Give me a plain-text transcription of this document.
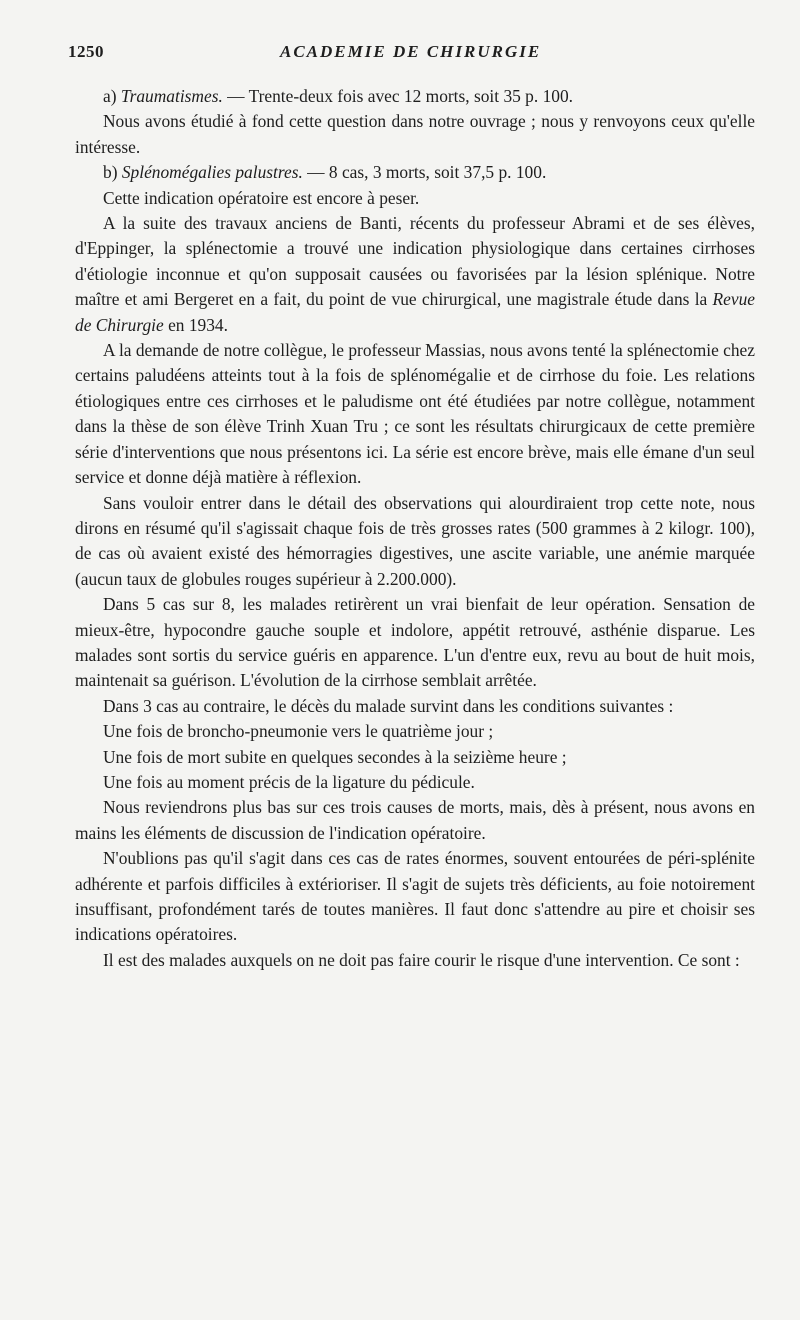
1250	ACADEMIE DE CHIRURGIE

a) Traumatismes. — Trente-deux fois avec 12 morts, soit 35 p. 100.

Nous avons étudié à fond cette question dans notre ouvrage ; nous y renvoyons ceux qu'elle intéresse.

b) Splénomégalies palustres. — 8 cas, 3 morts, soit 37,5 p. 100.

Cette indication opératoire est encore à peser.

A la suite des travaux anciens de Banti, récents du professeur Abrami et de ses élèves, d'Eppinger, la splénectomie a trouvé une indication physiologique dans certaines cirrhoses d'étiologie inconnue et qu'on supposait causées ou favorisées par la lésion splénique. Notre maître et ami Bergeret en a fait, du point de vue chirurgical, une magistrale étude dans la Revue de Chirurgie en 1934.

A la demande de notre collègue, le professeur Massias, nous avons tenté la splénectomie chez certains paludéens atteints tout à la fois de splénomégalie et de cirrhose du foie. Les relations étiologiques entre ces cirrhoses et le paludisme ont été étudiées par notre collègue, notamment dans la thèse de son élève Trinh Xuan Tru ; ce sont les résultats chirurgicaux de cette première série d'interventions que nous présentons ici. La série est encore brève, mais elle émane d'un seul service et donne déjà matière à réflexion.

Sans vouloir entrer dans le détail des observations qui alourdiraient trop cette note, nous dirons en résumé qu'il s'agissait chaque fois de très grosses rates (500 grammes à 2 kilogr. 100), de cas où avaient existé des hémorragies digestives, une ascite variable, une anémie marquée (aucun taux de globules rouges supérieur à 2.200.000).

Dans 5 cas sur 8, les malades retirèrent un vrai bienfait de leur opération. Sensation de mieux-être, hypocondre gauche souple et indolore, appétit retrouvé, asthénie disparue. Les malades sont sortis du service guéris en apparence. L'un d'entre eux, revu au bout de huit mois, maintenait sa guérison. L'évolution de la cirrhose semblait arrêtée.

Dans 3 cas au contraire, le décès du malade survint dans les conditions suivantes :

Une fois de broncho-pneumonie vers le quatrième jour ;

Une fois de mort subite en quelques secondes à la seizième heure ;

Une fois au moment précis de la ligature du pédicule.

Nous reviendrons plus bas sur ces trois causes de morts, mais, dès à présent, nous avons en mains les éléments de discussion de l'indication opératoire.

N'oublions pas qu'il s'agit dans ces cas de rates énormes, souvent entourées de péri-splénite adhérente et parfois difficiles à extérioriser. Il s'agit de sujets très déficients, au foie notoirement insuffisant, profondément tarés de toutes manières. Il faut donc s'attendre au pire et choisir ses indications opératoires.

Il est des malades auxquels on ne doit pas faire courir le risque d'une intervention. Ce sont :
